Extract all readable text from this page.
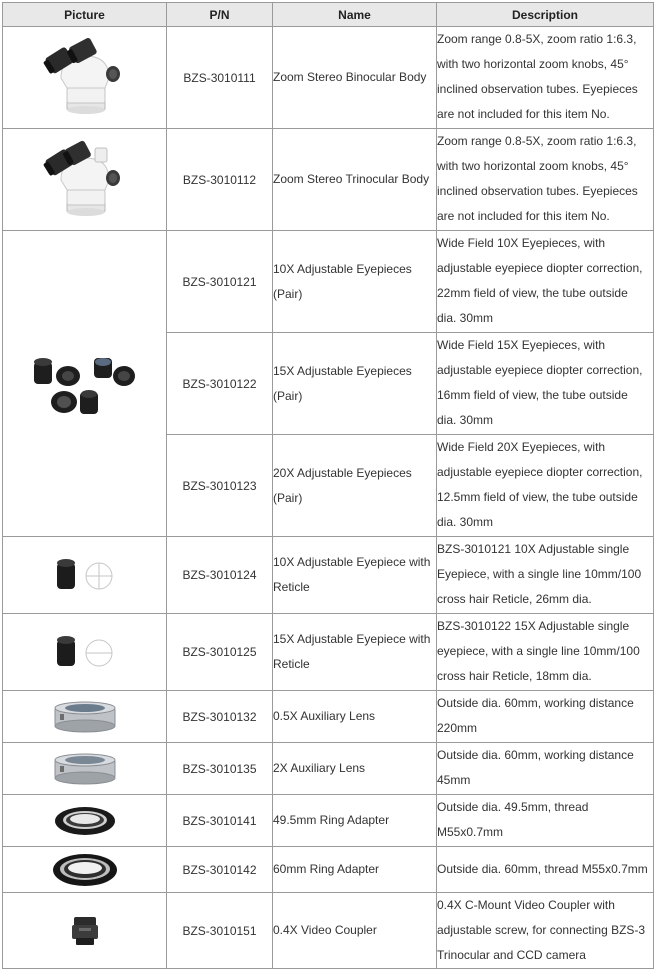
Picture	P/N	Name	Description
	BZS-3010111	Zoom Stereo Binocular Body	Zoom range 0.8-5X, zoom ratio 1:6.3,
with two horizontal zoom knobs, 45°
inclined observation tubes. Eyepieces
are not included for this item No.

	BZS-3010112	Zoom Stereo Trinocular Body	Zoom range 0.8-5X, zoom ratio 1:6.3,
with two horizontal zoom knobs, 45°
inclined observation tubes. Eyepieces
are not included for this item No.

	BZS-3010121	10X Adjustable Eyepieces (Pair)	Wide Field 10X Eyepieces, with
adjustable eyepiece diopter correction,
22mm field of view, the tube outside
dia. 30mm

	BZS-3010122	15X Adjustable Eyepieces (Pair)	Wide Field 15X Eyepieces, with
adjustable eyepiece diopter correction,
16mm field of view, the tube outside
dia. 30mm

	BZS-3010123	20X Adjustable Eyepieces (Pair)	Wide Field 20X Eyepieces, with
adjustable eyepiece diopter correction,
12.5mm field of view, the tube outside
dia. 30mm

	BZS-3010124	10X Adjustable Eyepiece with Reticle	BZS-3010121 10X Adjustable single
Eyepiece, with a single line 10mm/100
cross hair Reticle, 26mm dia.

	BZS-3010125	15X Adjustable Eyepiece with Reticle	BZS-3010122 15X Adjustable single
eyepiece, with a single line 10mm/100
cross hair Reticle, 18mm dia.

	BZS-3010132	0.5X Auxiliary Lens	Outside dia. 60mm, working distance
220mm

	BZS-3010135	2X Auxiliary Lens	Outside dia. 60mm, working distance
45mm

	BZS-3010141	49.5mm Ring Adapter	Outside dia. 49.5mm, thread
M55x0.7mm

	BZS-3010142	60mm Ring Adapter	Outside dia. 60mm, thread M55x0.7mm

	BZS-3010151	0.4X Video Coupler	0.4X C-Mount Video Coupler with
adjustable screw, for connecting BZS-3
Trinocular and CCD camera
